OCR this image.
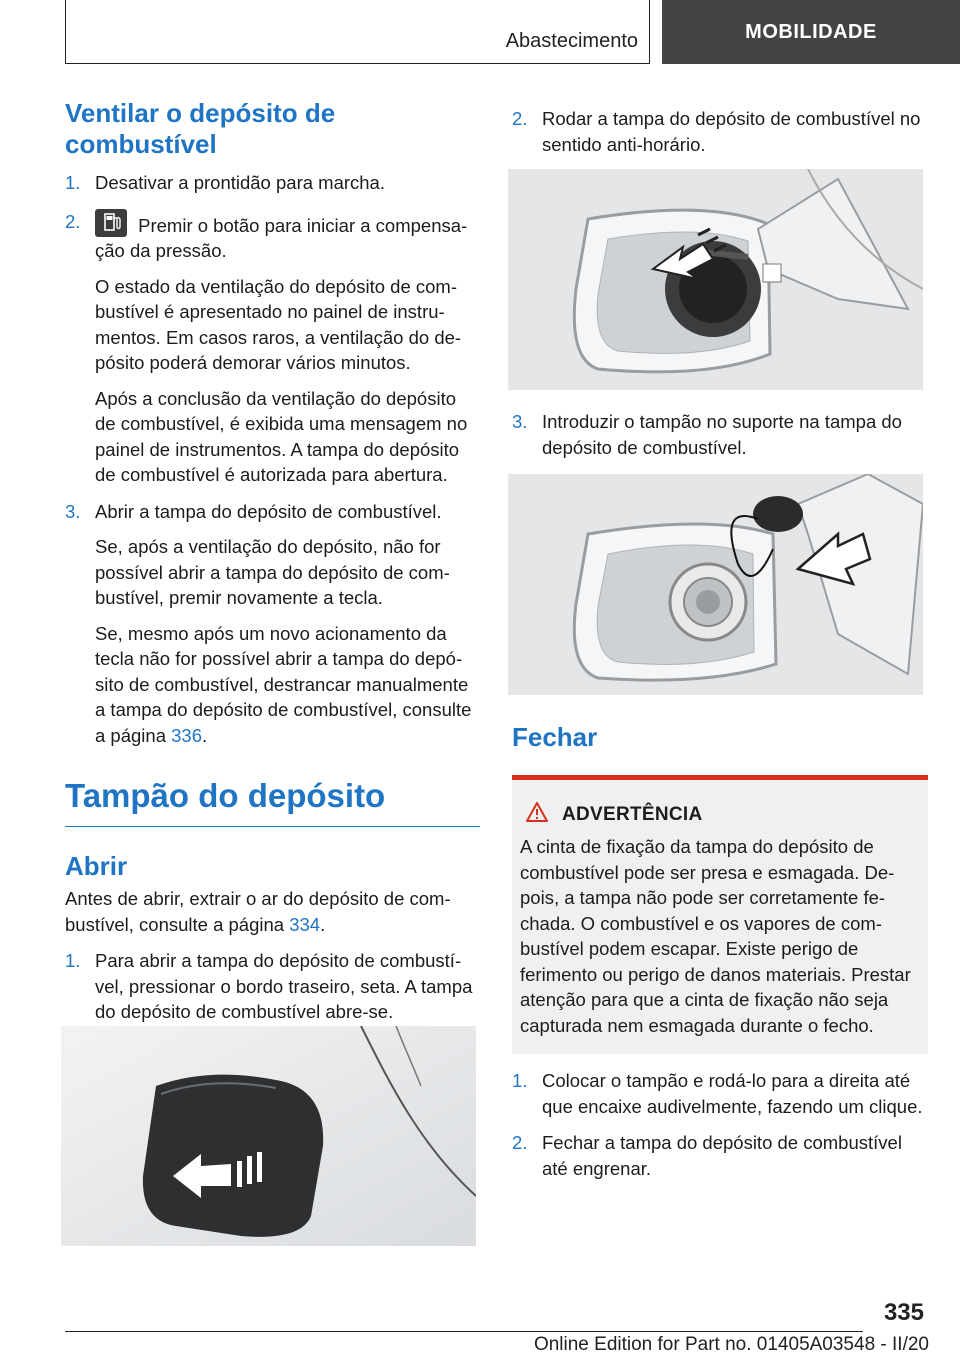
Abastecimento	MOBILIDADE
Ventilar o depósito de combustível
1. Desativar a prontidão para marcha.
2.	Premir o botão para iniciar a compensação da pressão.

O estado da ventilação do depósito de combustível é apresentado no painel de instrumentos. Em casos raros, a ventilação do depósito poderá demorar vários minutos.

Após a conclusão da ventilação do depósito de combustível, é exibida uma mensagem no painel de instrumentos. A tampa do depósito de combustível é autorizada para abertura.

3. Abrir a tampa do depósito de combustível.

Se, após a ventilação do depósito, não for possível abrir a tampa do depósito de combustível, premir novamente a tecla.

Se, mesmo após um novo acionamento da tecla não for possível abrir a tampa do depósito de combustível, destrancar manualmente a tampa do depósito de combustível, consulte a página 336.

Tampão do depósito
Abrir

Antes de abrir, extrair o ar do depósito de combustível, consulte a página 334.

1. Para abrir a tampa do depósito de combustível, pressionar o bordo traseiro, seta. A tampa do depósito de combustível abre-se.
2. Rodar a tampa do depósito de combustível no sentido anti-horário.
3. Introduzir o tampão no suporte na tampa do depósito de combustível.
Fechar
ADVERTÊNCIA

A cinta de fixação da tampa do depósito de combustível pode ser presa e esmagada. Depois, a tampa não pode ser corretamente fechada. O combustível e os vapores de combustível podem escapar. Existe perigo de ferimento ou perigo de danos materiais. Prestar atenção para que a cinta de fixação não seja capturada nem esmagada durante o fecho.

1. Colocar o tampão e rodá-lo para a direita até que encaixe audivelmente, fazendo um clique.
2. Fechar a tampa do depósito de combustível até engrenar.
335
Online Edition for Part no. 01405A03548 - II/20
